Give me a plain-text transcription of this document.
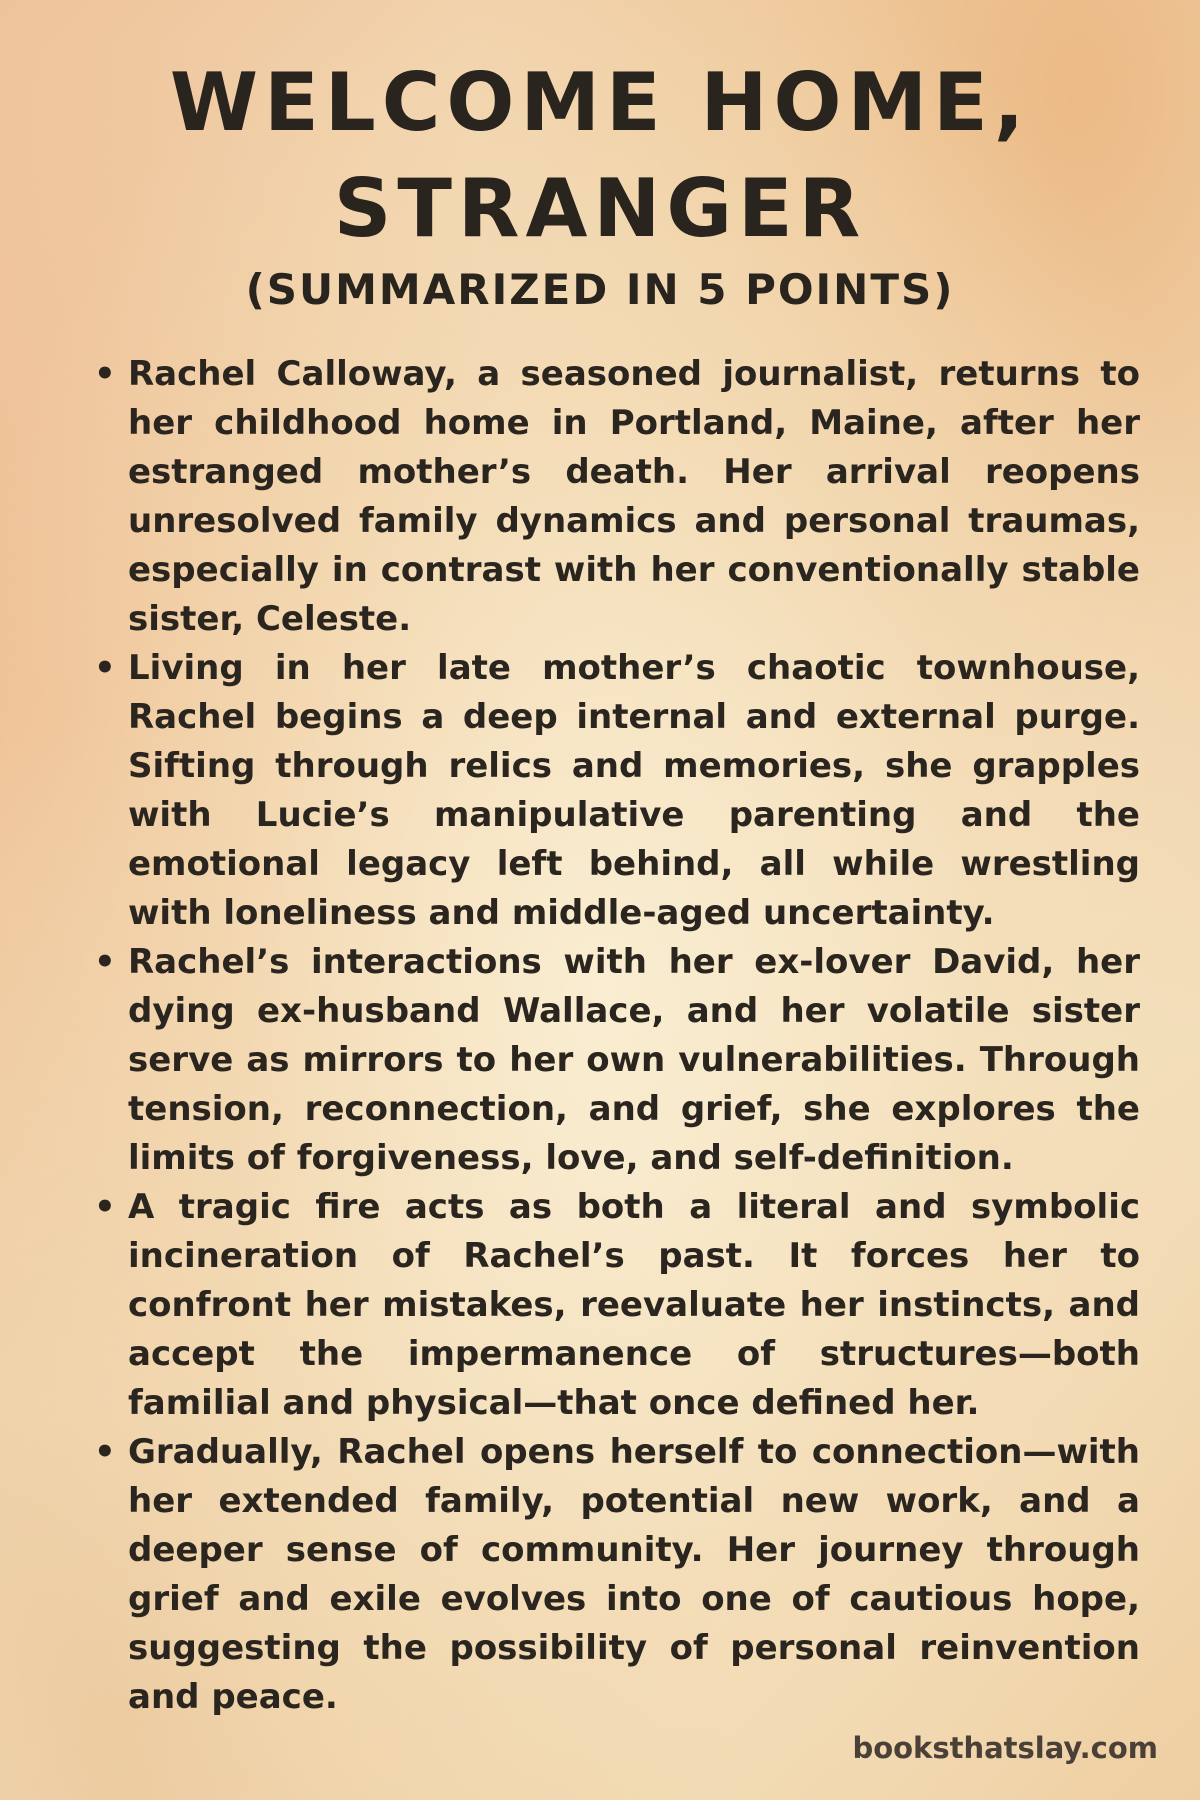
WELCOME HOME, STRANGER
(SUMMARIZED IN 5 POINTS)
• Rachel Calloway, a seasoned journalist, returns to her childhood home in Portland, Maine, after her estranged mother’s death. Her arrival reopens unresolved family dynamics and personal traumas, especially in contrast with her conventionally stable sister, Celeste.
• Living in her late mother’s chaotic townhouse, Rachel begins a deep internal and external purge. Sifting through relics and memories, she grapples with Lucie’s manipulative parenting and the emotional legacy left behind, all while wrestling with loneliness and middle-aged uncertainty.
• Rachel’s interactions with her ex-lover David, her dying ex-husband Wallace, and her volatile sister serve as mirrors to her own vulnerabilities. Through tension, reconnection, and grief, she explores the limits of forgiveness, love, and self-definition.
• A tragic fire acts as both a literal and symbolic incineration of Rachel’s past. It forces her to confront her mistakes, reevaluate her instincts, and accept the impermanence of structures—both familial and physical—that once defined her.
• Gradually, Rachel opens herself to connection—with her extended family, potential new work, and a deeper sense of community. Her journey through grief and exile evolves into one of cautious hope, suggesting the possibility of personal reinvention and peace.
booksthatslay.com
